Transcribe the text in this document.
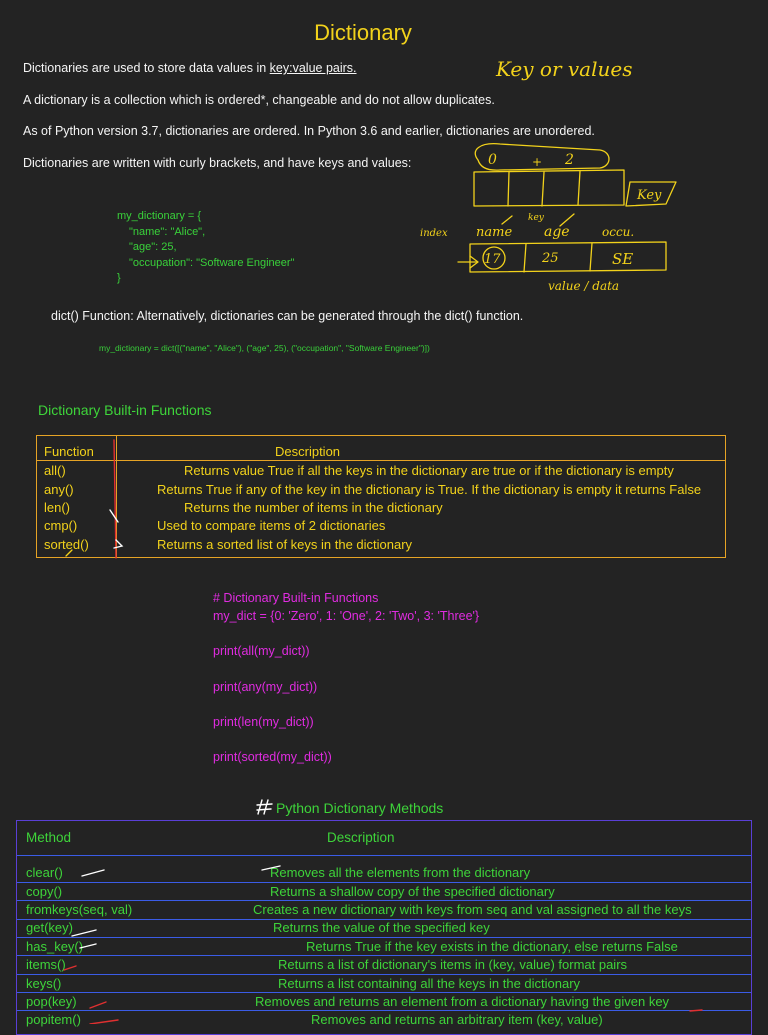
Dictionary
Dictionaries are used to store data values in key:value pairs.
A dictionary is a collection which is ordered*, changeable and do not allow duplicates.
As of Python version 3.7, dictionaries are ordered. In Python 3.6 and earlier, dictionaries are unordered.
Dictionaries are written with curly brackets, and have keys and values:
my_dictionary = {
"name": "Alice",
"age": 25,
"occupation": "Software Engineer"
}
Key or values
0	+ 2
Key
index name
key
age	occu.
17	25	SE
value / data
dict() Function: Alternatively, dictionaries can be generated through the dict() function.
my_dictionary = dict([("name", "Alice"), ("age", 25), ("occupation", "Software Engineer")])
Dictionary Built-in Functions
Function	Description
all()	Returns value True if all the keys in the dictionary are true or if the dictionary is empty
any()	Returns True if any of the key in the dictionary is True. If the dictionary is empty it returns False
len()	Returns the number of items in the dictionary
cmp()	Used to compare items of 2 dictionaries
sorted()	Returns a sorted list of keys in the dictionary
# Dictionary Built-in Functions
my_dict = {0: 'Zero', 1: 'One', 2: 'Two', 3: 'Three'}
print(all(my_dict))
print(any(my_dict))
print(len(my_dict))
print(sorted(my_dict))
Python Dictionary Methods
Method	Description
clear()	Removes all the elements from the dictionary
copy()	Returns a shallow copy of the specified dictionary
fromkeys(seq, val)	Creates a new dictionary with keys from seq and val assigned to all the keys
get(key)	Returns the value of the specified key
has_key()	Returns True if the key exists in the dictionary, else returns False
items()	Returns a list of dictionary's items in (key, value) format pairs
keys()	Returns a list containing all the keys in the dictionary
pop(key)	Removes and returns an element from a dictionary having the given key
popitem()	Removes and returns an arbitrary item (key, value)
